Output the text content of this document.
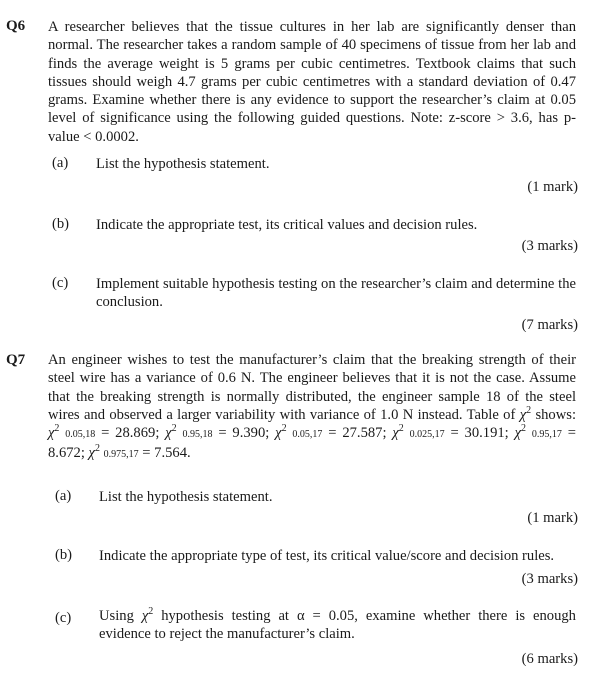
Q6 A researcher believes that the tissue cultures in her lab are significantly denser than normal. The researcher takes a random sample of 40 specimens of tissue from her lab and finds the average weight is 5 grams per cubic centimetres. Textbook claims that such tissues should weigh 4.7 grams per cubic centimetres with a standard deviation of 0.47 grams. Examine whether there is any evidence to support the researcher’s claim at 0.05 level of significance using the following guided questions. Note: z-score > 3.6, has p-value < 0.0002.
(a) List the hypothesis statement.
(1 mark)
(b) Indicate the appropriate test, its critical values and decision rules.
(3 marks)
(c) Implement suitable hypothesis testing on the researcher’s claim and determine the conclusion.
(7 marks)
Q7 An engineer wishes to test the manufacturer’s claim that the breaking strength of their steel wire has a variance of 0.6 N. The engineer believes that it is not the case. Assume that the breaking strength is normally distributed, the engineer sample 18 of the steel wires and observed a larger variability with variance of 1.0 N instead. Table of $\chi^2$ shows: $\chi^2$ 0.05,18 = 28.869; $\chi^2$ 0.95,18 = 9.390; $\chi^2$ 0.05,17 = 27.587; $\chi^2$ 0.025,17 = 30.191; $\chi^2$ 0.95,17 = 8.672; $\chi^2$ 0.975,17 = 7.564.
(a) List the hypothesis statement.
(1 mark)
(b) Indicate the appropriate type of test, its critical value/score and decision rules.
(3 marks)
(c) Using $\chi^2$ hypothesis testing at α = 0.05, examine whether there is enough evidence to reject the manufacturer’s claim.
(6 marks)
